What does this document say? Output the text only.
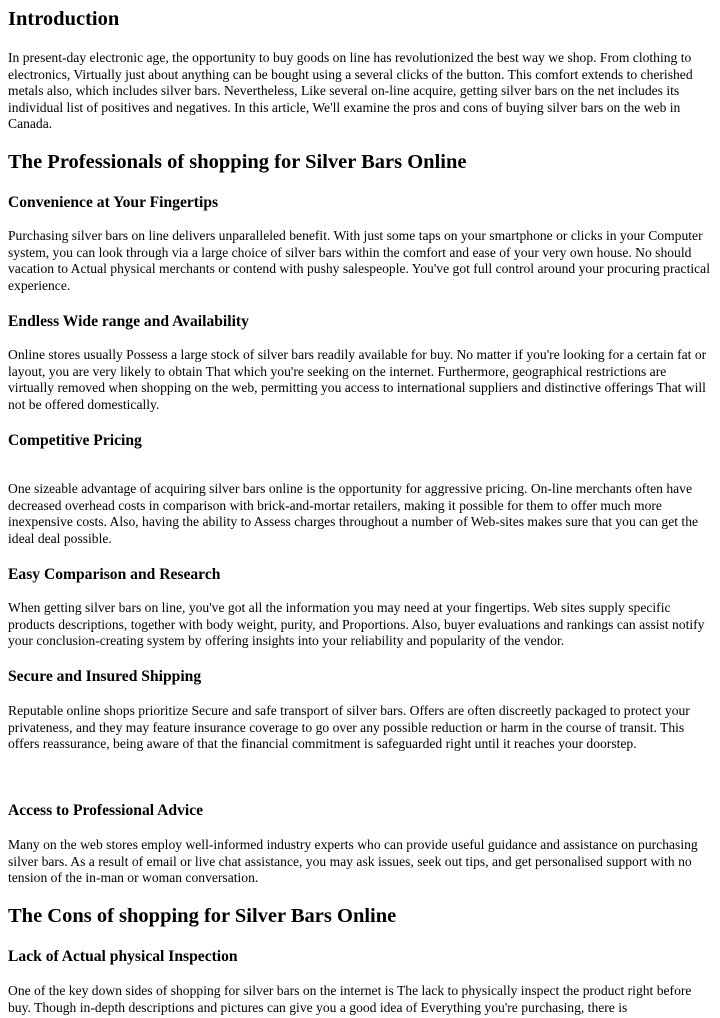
Introduction

In present-day electronic age, the opportunity to buy goods on line has revolutionized the best way we shop. From clothing to electronics, Virtually just about anything can be bought using a several clicks of the button. This comfort extends to cherished metals also, which includes silver bars. Nevertheless, Like several on-line acquire, getting silver bars on the net includes its individual list of positives and negatives. In this article, We'll examine the pros and cons of buying silver bars on the web in Canada.

The Professionals of shopping for Silver Bars Online
Convenience at Your Fingertips

Purchasing silver bars on line delivers unparalleled benefit. With just some taps on your smartphone or clicks in your Computer system, you can look through via a large choice of silver bars within the comfort and ease of your very own house. No should vacation to Actual physical merchants or contend with pushy salespeople. You've got full control around your procuring practical experience.

Endless Wide range and Availability

Online stores usually Possess a large stock of silver bars readily available for buy. No matter if you're looking for a certain fat or layout, you are very likely to obtain That which you're seeking on the internet. Furthermore, geographical restrictions are virtually removed when shopping on the web, permitting you access to international suppliers and distinctive offerings That will not be offered domestically.

Competitive Pricing

One sizeable advantage of acquiring silver bars online is the opportunity for aggressive pricing. On-line merchants often have decreased overhead costs in comparison with brick-and-mortar retailers, making it possible for them to offer much more inexpensive costs. Also, having the ability to Assess charges throughout a number of Web-sites makes sure that you can get the ideal deal possible.

Easy Comparison and Research

When getting silver bars on line, you've got all the information you may need at your fingertips. Web sites supply specific products descriptions, together with body weight, purity, and Proportions. Also, buyer evaluations and rankings can assist notify your conclusion-creating system by offering insights into your reliability and popularity of the vendor.

Secure and Insured Shipping

Reputable online shops prioritize Secure and safe transport of silver bars. Offers are often discreetly packaged to protect your privateness, and they may feature insurance coverage to go over any possible reduction or harm in the course of transit. This offers reassurance, being aware of that the financial commitment is safeguarded right until it reaches your doorstep.

Access to Professional Advice

Many on the web stores employ well-informed industry experts who can provide useful guidance and assistance on purchasing silver bars. As a result of email or live chat assistance, you may ask issues, seek out tips, and get personalised support with no tension of the in-man or woman conversation.

The Cons of shopping for Silver Bars Online
Lack of Actual physical Inspection

One of the key down sides of shopping for silver bars on the internet is The lack to physically inspect the product right before buy. Though in-depth descriptions and pictures can give you a good idea of Everything you're purchasing, there is
